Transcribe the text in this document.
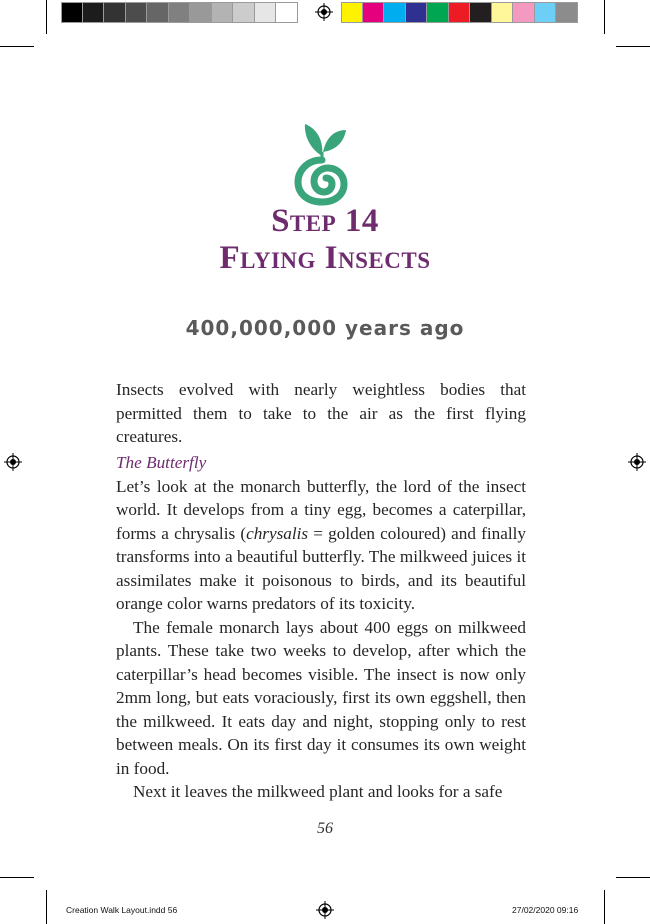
Step 14
Flying Insects
400,000,000 years ago

Insects evolved with nearly weightless bodies that permitted them to take to the air as the first flying creatures.

The Butterfly

Let’s look at the monarch butterfly, the lord of the insect world. It develops from a tiny egg, becomes a caterpillar, forms a chrysalis (chrysalis = golden coloured) and finally transforms into a beautiful butterfly. The milkweed juices it assimilates make it poisonous to birds, and its beautiful orange color warns predators of its toxicity.

The female monarch lays about 400 eggs on milkweed plants. These take two weeks to develop, after which the caterpillar’s head becomes visible. The insect is now only 2mm long, but eats voraciously, first its own eggshell, then the milkweed. It eats day and night, stopping only to rest between meals. On its first day it consumes its own weight in food.

Next it leaves the milkweed plant and looks for a safe

56
Creation Walk Layout.indd 56	27/02/2020 09:16
